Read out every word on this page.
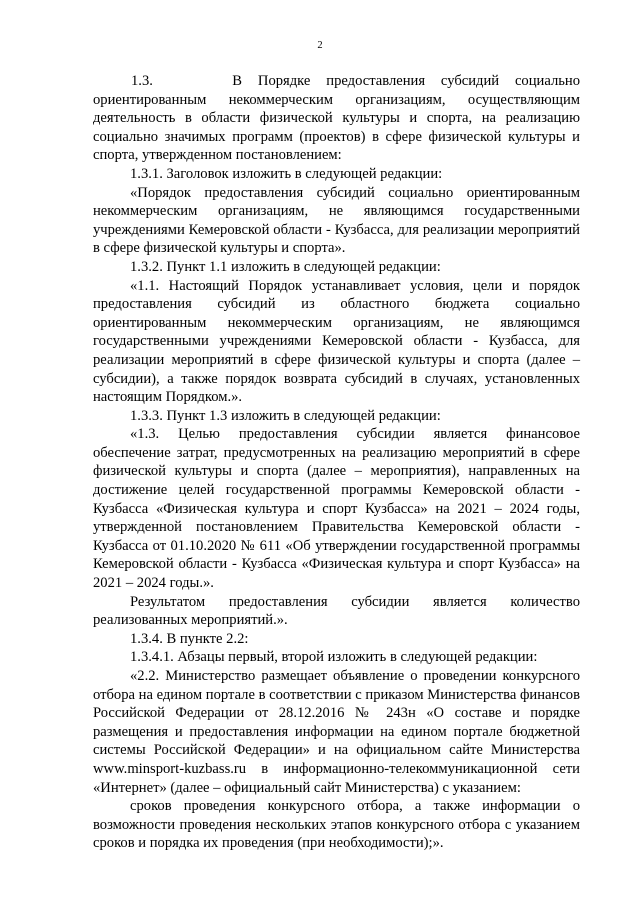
2

1.3.     В Порядке предоставления субсидий социально ориентированным некоммерческим организациям, осуществляющим деятельность в области физической культуры и спорта, на реализацию социально значимых программ (проектов) в сфере физической культуры и спорта, утвержденном постановлением:

1.3.1. Заголовок изложить в следующей редакции:

«Порядок предоставления субсидий социально ориентированным некоммерческим организациям, не являющимся государственными учреждениями Кемеровской области - Кузбасса, для реализации мероприятий в сфере физической культуры и спорта».

1.3.2. Пункт 1.1 изложить в следующей редакции:

«1.1. Настоящий Порядок устанавливает условия, цели и порядок предоставления субсидий из областного бюджета социально ориентированным некоммерческим организациям, не являющимся государственными учреждениями Кемеровской области - Кузбасса, для реализации мероприятий в сфере физической культуры и спорта (далее – субсидии), а также порядок возврата субсидий в случаях, установленных настоящим Порядком.».

1.3.3. Пункт 1.3 изложить в следующей редакции:

«1.3. Целью предоставления субсидии является финансовое обеспечение затрат, предусмотренных на реализацию мероприятий в сфере физической культуры и спорта (далее – мероприятия), направленных на достижение целей государственной программы Кемеровской области - Кузбасса «Физическая культура и спорт Кузбасса» на 2021 – 2024 годы, утвержденной постановлением Правительства Кемеровской области - Кузбасса от 01.10.2020 № 611 «Об утверждении государственной программы Кемеровской области - Кузбасса «Физическая культура и спорт Кузбасса» на 2021 – 2024 годы.».

Результатом предоставления субсидии является количество реализованных мероприятий.».

1.3.4. В пункте 2.2:

1.3.4.1. Абзацы первый, второй изложить в следующей редакции:

«2.2. Министерство размещает объявление о проведении конкурсного отбора на едином портале в соответствии с приказом Министерства финансов Российской Федерации от 28.12.2016 № 243н «О составе и порядке размещения и предоставления информации на едином портале бюджетной системы Российской Федерации» и на официальном сайте Министерства www.minsport-kuzbass.ru в информационно-телекоммуникационной сети «Интернет» (далее – официальный сайт Министерства) с указанием:

сроков проведения конкурсного отбора, а также информации о возможности проведения нескольких этапов конкурсного отбора с указанием сроков и порядка их проведения (при необходимости);».
